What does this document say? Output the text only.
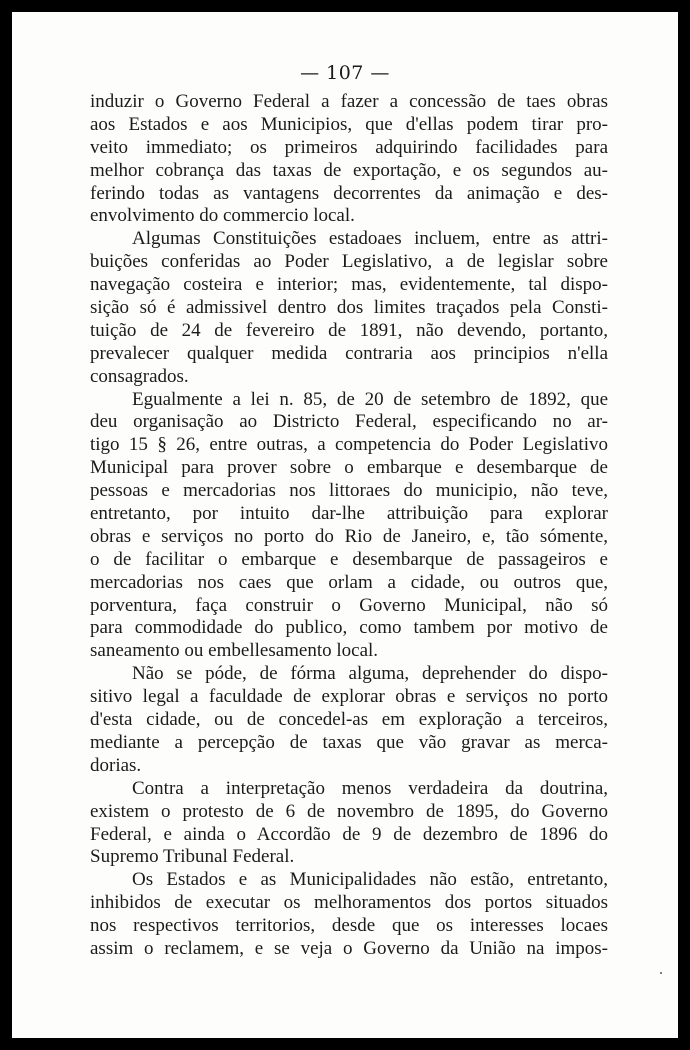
— 107 —
induzir o Governo Federal a fazer a concessão de taes obras
aos Estados e aos Municipios, que d'ellas podem tirar pro-
veito immediato; os primeiros adquirindo facilidades para
melhor cobrança das taxas de exportação, e os segundos au-
ferindo todas as vantagens decorrentes da animação e des-
envolvimento do commercio local.
Algumas Constituições estadoaes incluem, entre as attri-
buições conferidas ao Poder Legislativo, a de legislar sobre
navegação costeira e interior; mas, evidentemente, tal dispo-
sição só é admissivel dentro dos limites traçados pela Consti-
tuição de 24 de fevereiro de 1891, não devendo, portanto,
prevalecer qualquer medida contraria aos principios n'ella
consagrados.
Egualmente a lei n. 85, de 20 de setembro de 1892, que
deu organisação ao Districto Federal, especificando no ar-
tigo 15 § 26, entre outras, a competencia do Poder Legislativo
Municipal para prover sobre o embarque e desembarque de
pessoas e mercadorias nos littoraes do municipio, não teve,
entretanto, por intuito dar-lhe attribuição para explorar
obras e serviços no porto do Rio de Janeiro, e, tão sómente,
o de facilitar o embarque e desembarque de passageiros e
mercadorias nos caes que orlam a cidade, ou outros que,
porventura, faça construir o Governo Municipal, não só
para commodidade do publico, como tambem por motivo de
saneamento ou embellesamento local.
Não se póde, de fórma alguma, deprehender do dispo-
sitivo legal a faculdade de explorar obras e serviços no porto
d'esta cidade, ou de concedel-as em exploração a terceiros,
mediante a percepção de taxas que vão gravar as merca-
dorias.
Contra a interpretação menos verdadeira da doutrina,
existem o protesto de 6 de novembro de 1895, do Governo
Federal, e ainda o Accordão de 9 de dezembro de 1896 do
Supremo Tribunal Federal.
Os Estados e as Municipalidades não estão, entretanto,
inhibidos de executar os melhoramentos dos portos situados
nos respectivos territorios, desde que os interesses locaes
assim o reclamem, e se veja o Governo da União na impos-
